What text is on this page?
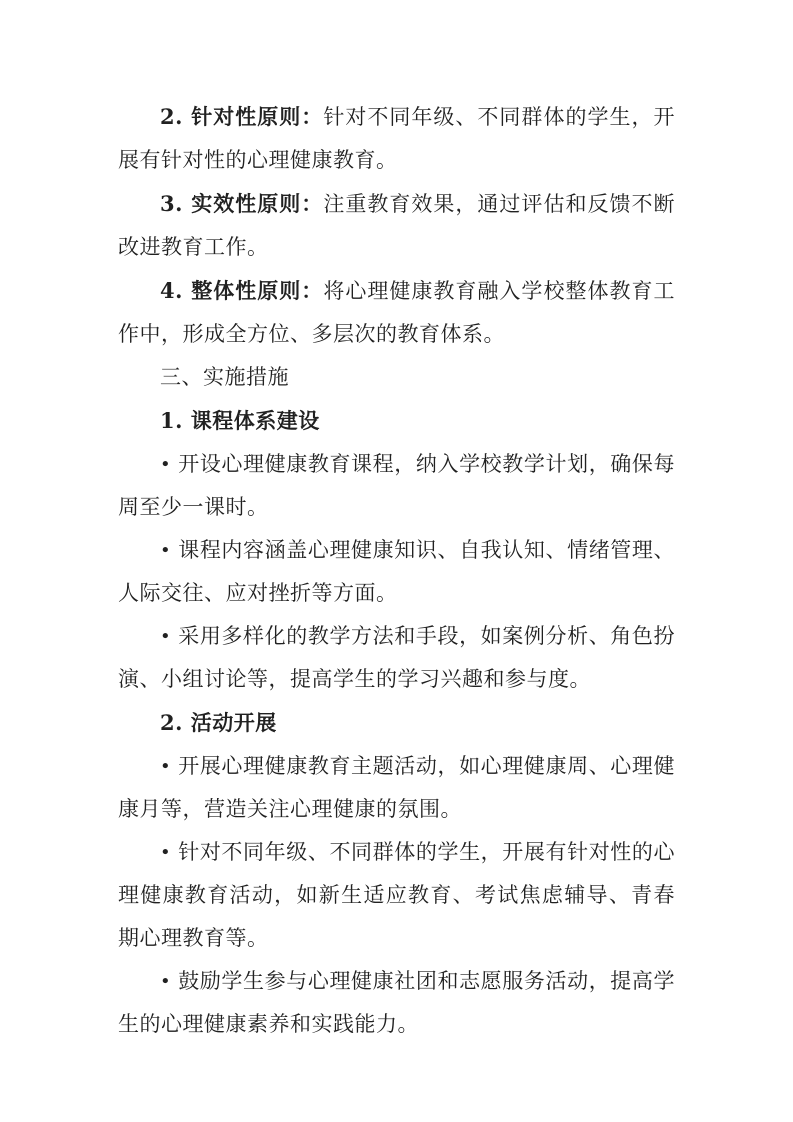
2. 针对性原则：针对不同年级、不同群体的学生，开展有针对性的心理健康教育。

3. 实效性原则：注重教育效果，通过评估和反馈不断改进教育工作。

4. 整体性原则：将心理健康教育融入学校整体教育工作中，形成全方位、多层次的教育体系。

三、实施措施

1. 课程体系建设

• 开设心理健康教育课程，纳入学校教学计划，确保每周至少一课时。

• 课程内容涵盖心理健康知识、自我认知、情绪管理、人际交往、应对挫折等方面。

• 采用多样化的教学方法和手段，如案例分析、角色扮演、小组讨论等，提高学生的学习兴趣和参与度。

2. 活动开展

• 开展心理健康教育主题活动，如心理健康周、心理健康月等，营造关注心理健康的氛围。

• 针对不同年级、不同群体的学生，开展有针对性的心理健康教育活动，如新生适应教育、考试焦虑辅导、青春期心理教育等。

• 鼓励学生参与心理健康社团和志愿服务活动，提高学生的心理健康素养和实践能力。
